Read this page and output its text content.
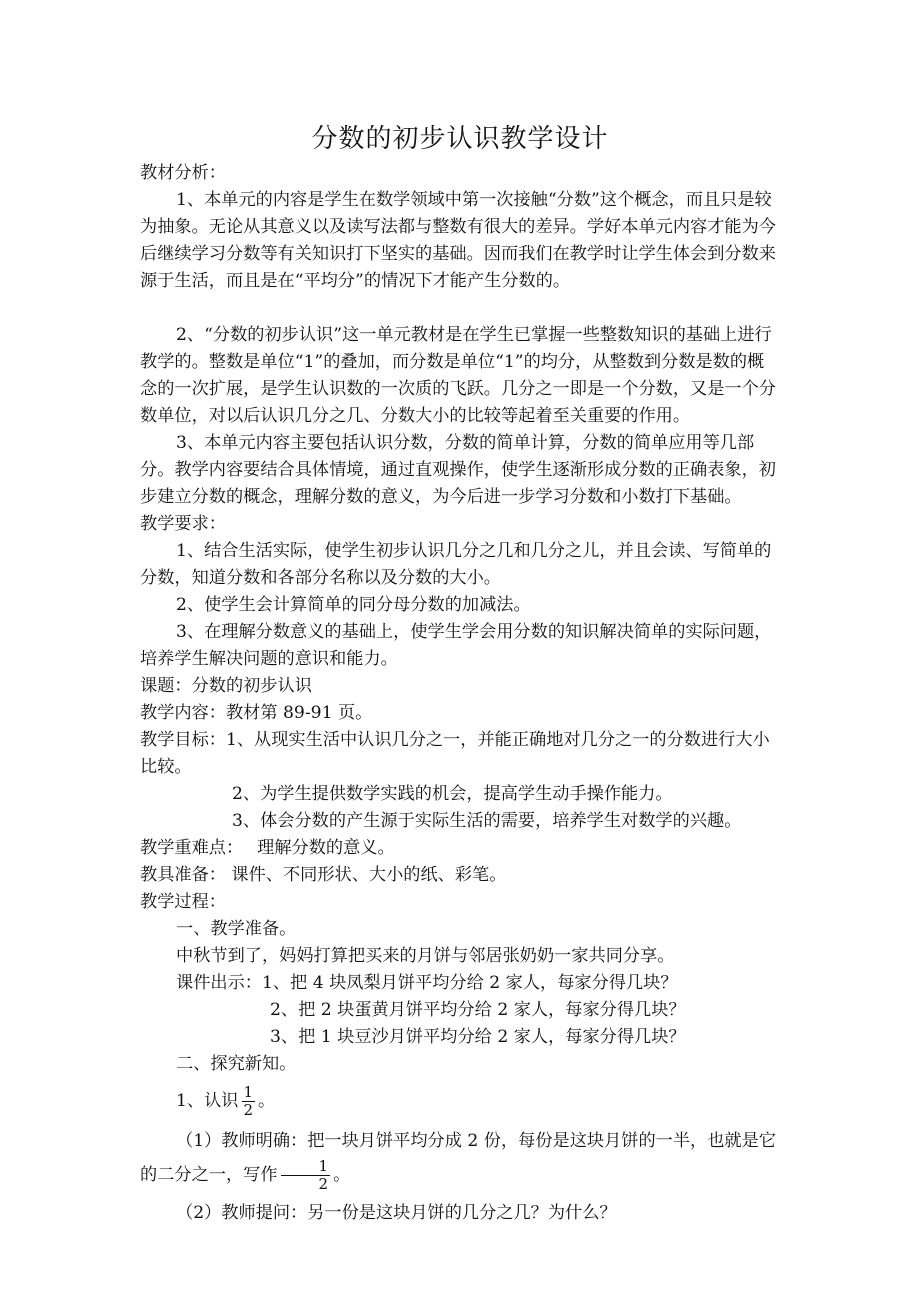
分数的初步认识教学设计

教材分析：

1、本单元的内容是学生在数学领域中第一次接触“分数”这个概念，而且只是较为抽象。无论从其意义以及读写法都与整数有很大的差异。学好本单元内容才能为今后继续学习分数等有关知识打下坚实的基础。因而我们在教学时让学生体会到分数来源于生活，而且是在“平均分”的情况下才能产生分数的。

2、“分数的初步认识”这一单元教材是在学生已掌握一些整数知识的基础上进行教学的。整数是单位“1”的叠加，而分数是单位“1”的均分，从整数到分数是数的概念的一次扩展，是学生认识数的一次质的飞跃。几分之一即是一个分数，又是一个分数单位，对以后认识几分之几、分数大小的比较等起着至关重要的作用。

3、本单元内容主要包括认识分数，分数的简单计算，分数的简单应用等几部分。教学内容要结合具体情境，通过直观操作，使学生逐渐形成分数的正确表象，初步建立分数的概念，理解分数的意义，为今后进一步学习分数和小数打下基础。

教学要求：

1、结合生活实际，使学生初步认识几分之几和几分之儿，并且会读、写简单的分数，知道分数和各部分名称以及分数的大小。

2、使学生会计算简单的同分母分数的加减法。

3、在理解分数意义的基础上，使学生学会用分数的知识解决简单的实际问题，培养学生解决问题的意识和能力。

课题：分数的初步认识

教学内容：教材第 89-91 页。

教学目标：1、从现实生活中认识几分之一，并能正确地对几分之一的分数进行大小比较。

2、为学生提供数学实践的机会，提高学生动手操作能力。

3、体会分数的产生源于实际生活的需要，培养学生对数学的兴趣。

教学重难点：　 理解分数的意义。

教具准备： 课件、不同形状、大小的纸、彩笔。

教学过程：

一、教学准备。

中秋节到了，妈妈打算把买来的月饼与邻居张奶奶一家共同分享。

课件出示：1、把 4 块凤梨月饼平均分给 2 家人，每家分得几块？

2、把 2 块蛋黄月饼平均分给 2 家人，每家分得几块？

3、把 1 块豆沙月饼平均分给 2 家人，每家分得几块？

二、探究新知。

1、认识 $\frac{1}{2}$ 。

（1）教师明确：把一块月饼平均分成 2 份，每份是这块月饼的一半，也就是它的二分之一，写作 $\frac{1}{2}$ 。

（2）教师提问：另一份是这块月饼的几分之几？为什么？
